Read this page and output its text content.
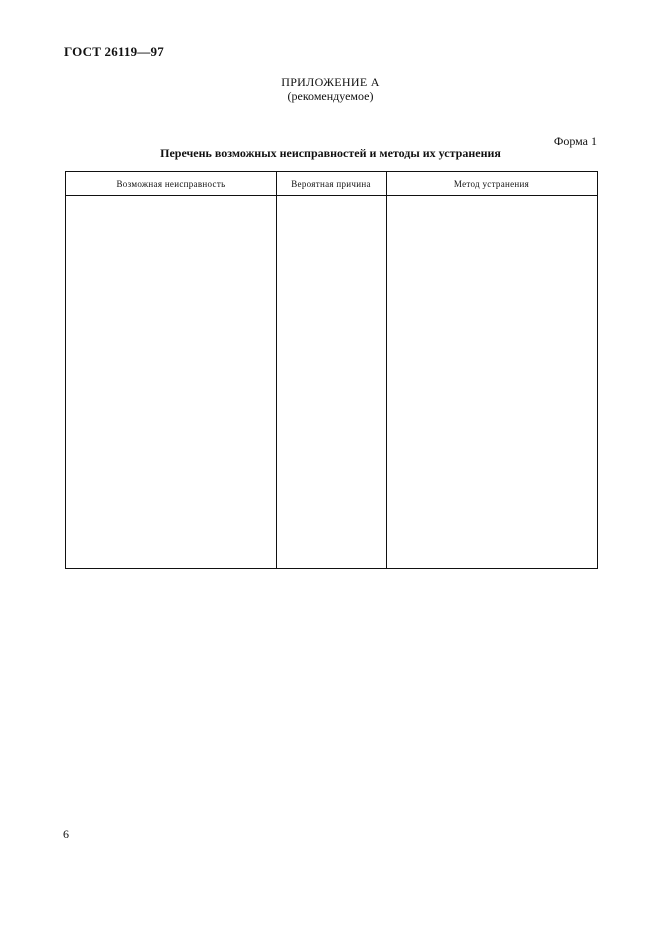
ГОСТ 26119—97
ПРИЛОЖЕНИЕ А
(рекомендуемое)
Форма 1
Перечень возможных неисправностей и методы их устранения
Возможная неисправность	Вероятная причина	Метод устранения
6
